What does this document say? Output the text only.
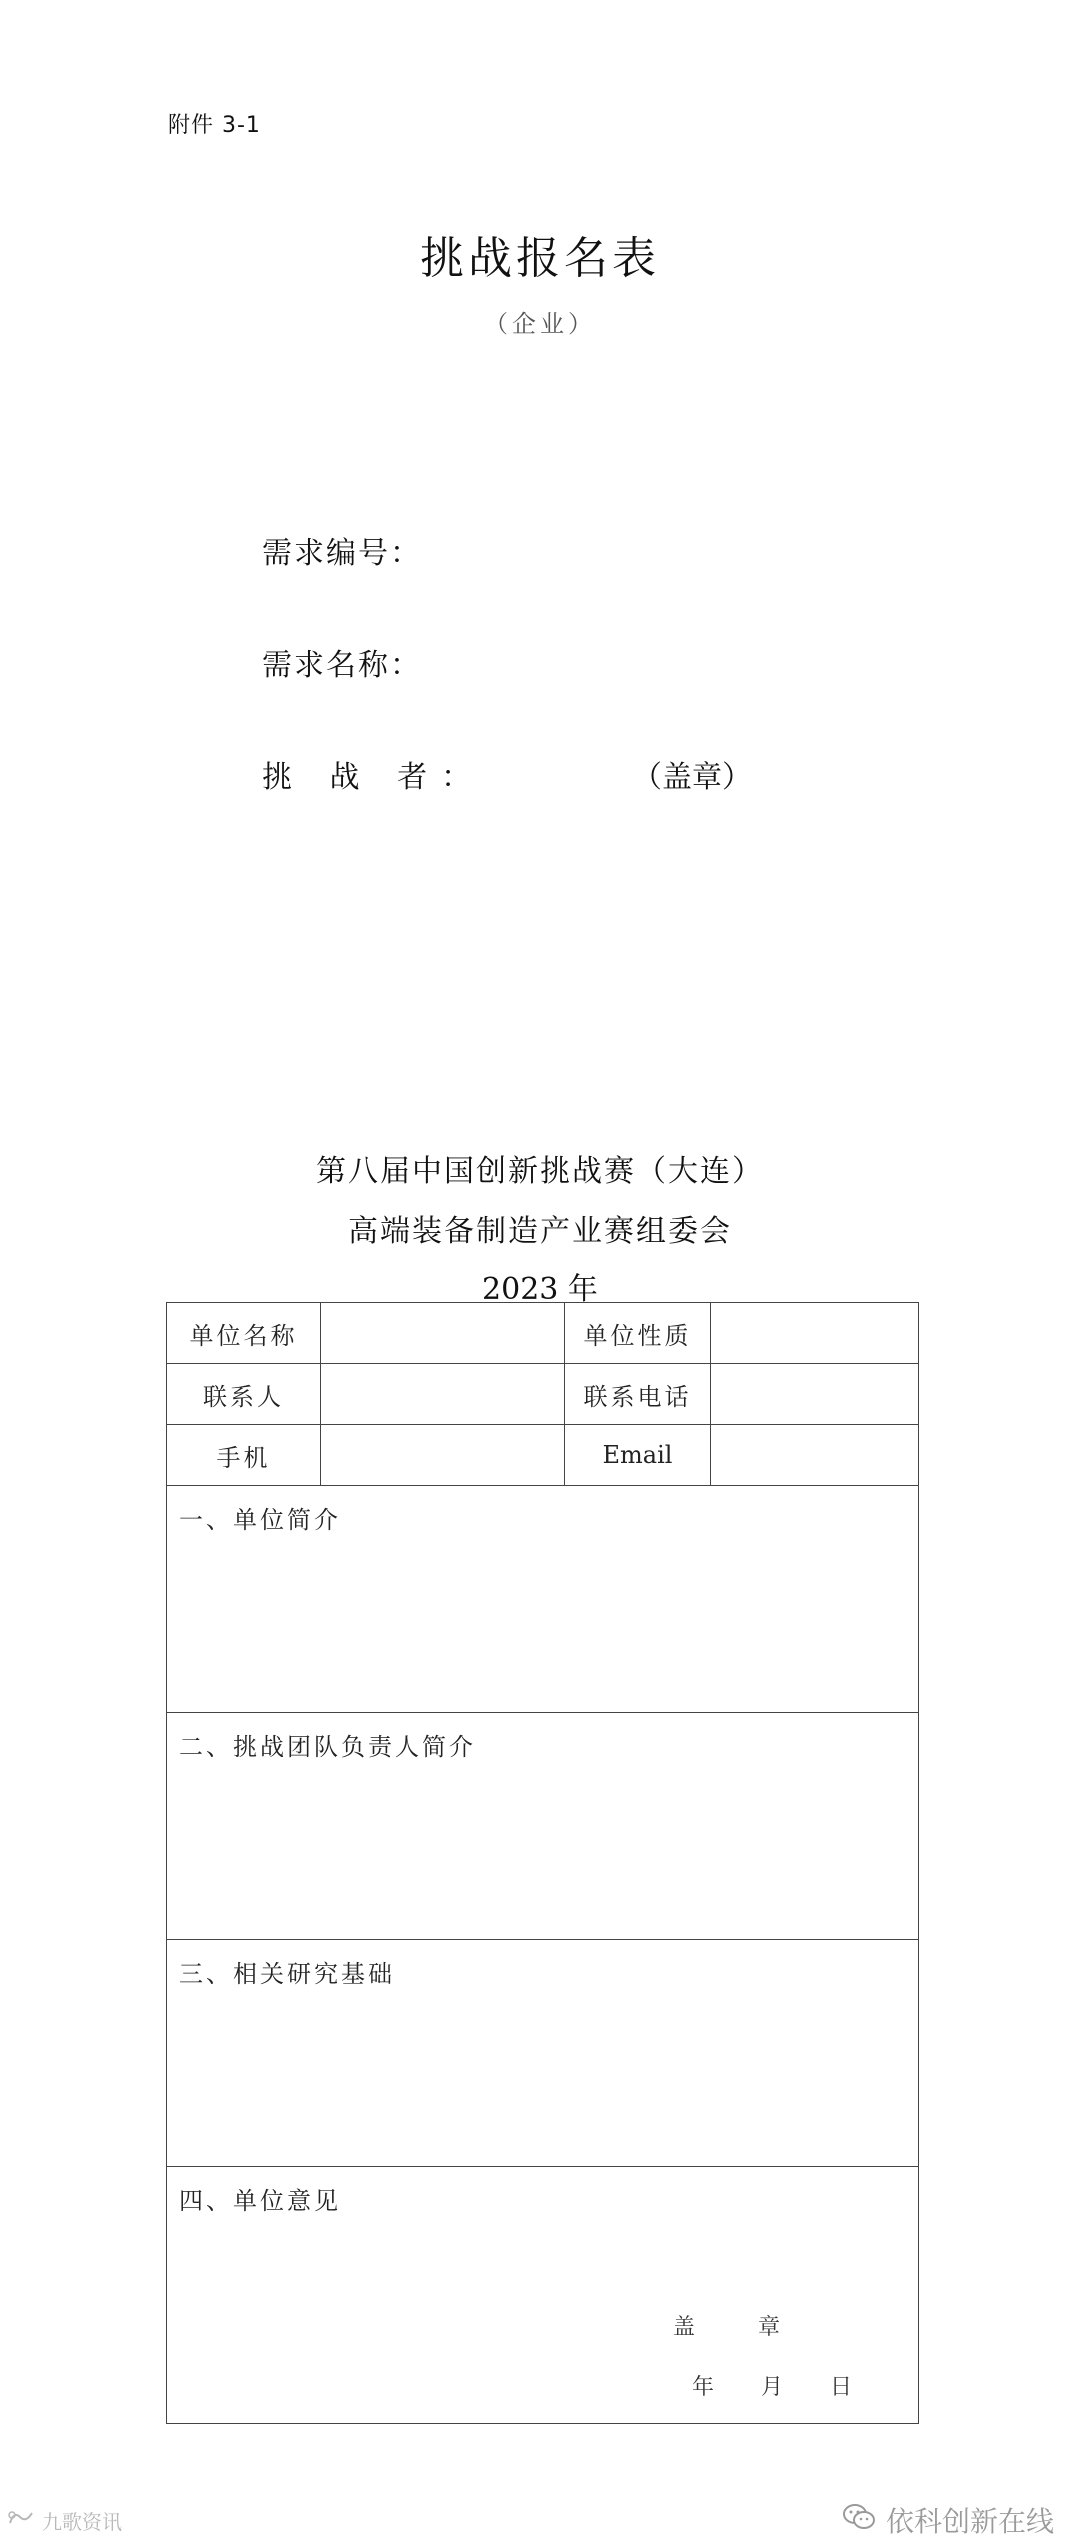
附件 3-1
挑战报名表
（企业）
需求编号：
需求名称：
挑 战 者：	（盖章）
第八届中国创新挑战赛（大连）
高端装备制造产业赛组委会
2023 年
单位名称		单位性质	
联系人		联系电话	
手机		Email	
一、单位简介			
二、挑战团队负责人简介			
三、相关研究基础			
四、单位意见
盖 章
年 月 日			
依科创新在线
九歌资讯
